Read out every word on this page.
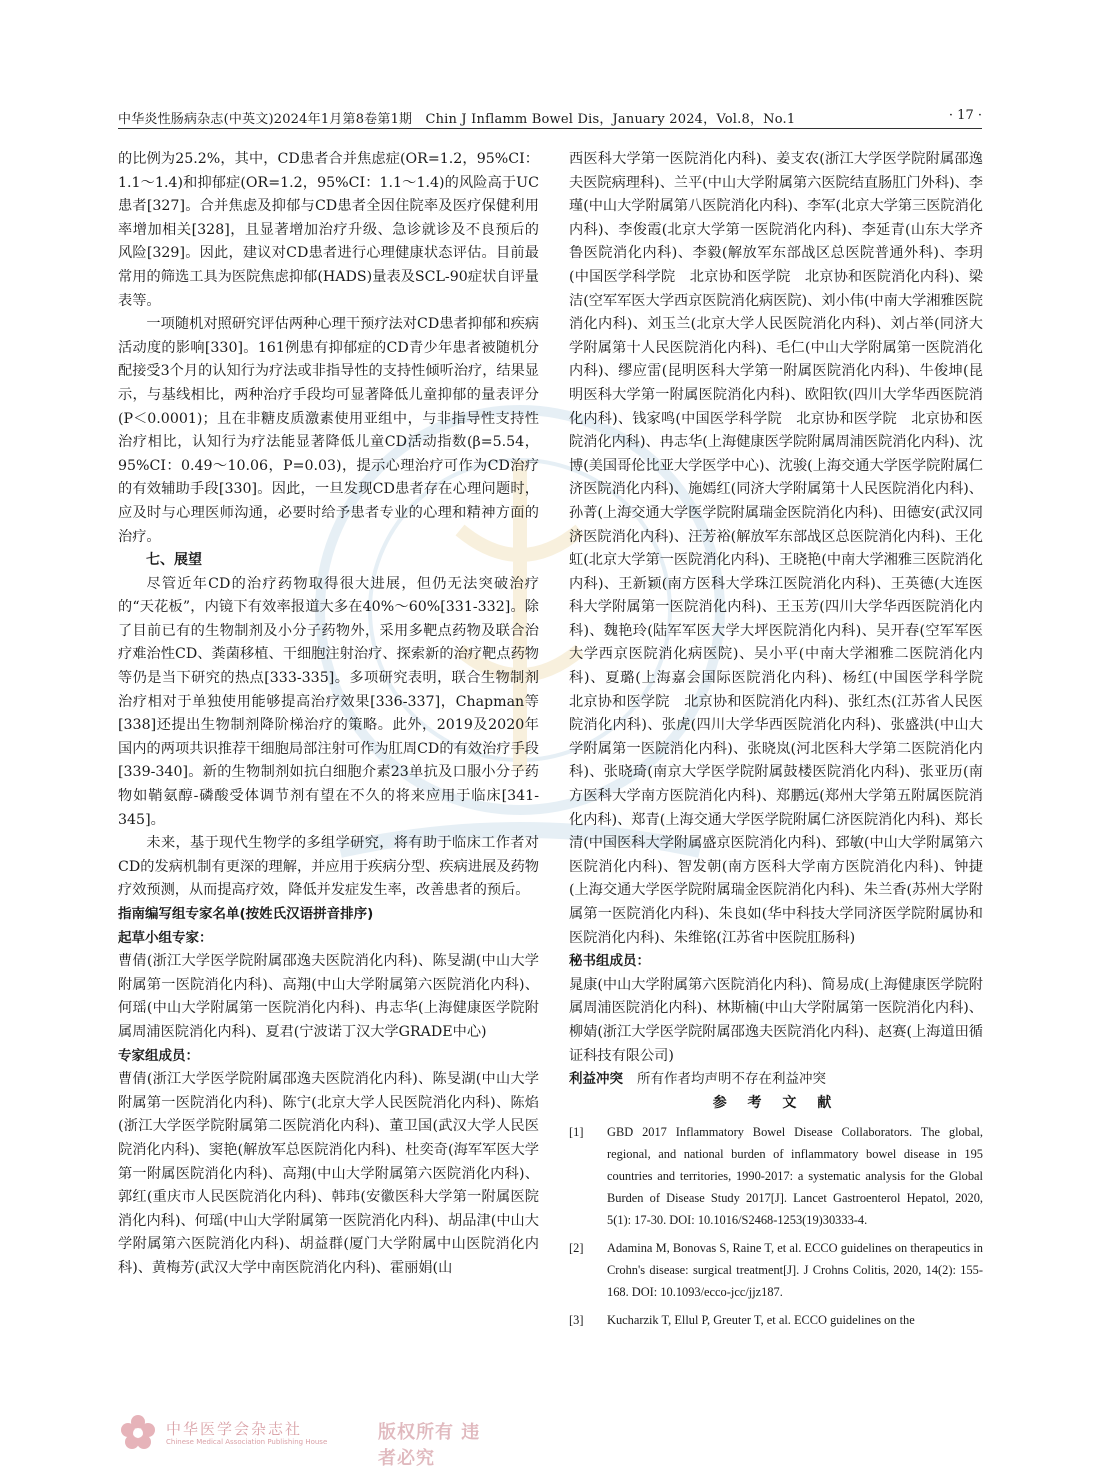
中华炎性肠病杂志(中英文)2024年1月第8卷第1期　Chin J Inflamm Bowel Dis，January 2024，Vol.8，No.1	· 17 ·

的比例为25.2%，其中，CD患者合并焦虑症(OR=1.2，95%CI：1.1～1.4)和抑郁症(OR=1.2，95%CI：1.1～1.4)的风险高于UC患者[327]。合并焦虑及抑郁与CD患者全因住院率及医疗保健利用率增加相关[328]，且显著增加治疗升级、急诊就诊及不良预后的风险[329]。因此，建议对CD患者进行心理健康状态评估。目前最常用的筛选工具为医院焦虑抑郁(HADS)量表及SCL-90症状自评量表等。

一项随机对照研究评估两种心理干预疗法对CD患者抑郁和疾病活动度的影响[330]。161例患有抑郁症的CD青少年患者被随机分配接受3个月的认知行为疗法或非指导性的支持性倾听治疗，结果显示，与基线相比，两种治疗手段均可显著降低儿童抑郁的量表评分(P＜0.0001)；且在非糖皮质激素使用亚组中，与非指导性支持性治疗相比，认知行为疗法能显著降低儿童CD活动指数(β=5.54，95%CI：0.49～10.06，P=0.03)，提示心理治疗可作为CD治疗的有效辅助手段[330]。因此，一旦发现CD患者存在心理问题时，应及时与心理医师沟通，必要时给予患者专业的心理和精神方面的治疗。

七、展望

尽管近年CD的治疗药物取得很大进展，但仍无法突破治疗的“天花板”，内镜下有效率报道大多在40%～60%[331-332]。除了目前已有的生物制剂及小分子药物外，采用多靶点药物及联合治疗难治性CD、粪菌移植、干细胞注射治疗、探索新的治疗靶点药物等仍是当下研究的热点[333-335]。多项研究表明，联合生物制剂治疗相对于单独使用能够提高治疗效果[336-337]，Chapman等[338]还提出生物制剂降阶梯治疗的策略。此外，2019及2020年国内的两项共识推荐干细胞局部注射可作为肛周CD的有效治疗手段[339-340]。新的生物制剂如抗白细胞介素23单抗及口服小分子药物如鞘氨醇-磷酸受体调节剂有望在不久的将来应用于临床[341-345]。

未来，基于现代生物学的多组学研究，将有助于临床工作者对CD的发病机制有更深的理解，并应用于疾病分型、疾病进展及药物疗效预测，从而提高疗效，降低并发症发生率，改善患者的预后。

指南编写组专家名单(按姓氏汉语拼音排序)

起草小组专家：

曹倩(浙江大学医学院附属邵逸夫医院消化内科)、陈旻湖(中山大学附属第一医院消化内科)、高翔(中山大学附属第六医院消化内科)、何瑶(中山大学附属第一医院消化内科)、冉志华(上海健康医学院附属周浦医院消化内科)、夏君(宁波诺丁汉大学GRADE中心)

专家组成员：

曹倩(浙江大学医学院附属邵逸夫医院消化内科)、陈旻湖(中山大学附属第一医院消化内科)、陈宁(北京大学人民医院消化内科)、陈焰(浙江大学医学院附属第二医院消化内科)、董卫国(武汉大学人民医院消化内科)、窦艳(解放军总医院消化内科)、杜奕奇(海军军医大学第一附属医院消化内科)、高翔(中山大学附属第六医院消化内科)、郭红(重庆市人民医院消化内科)、韩玮(安徽医科大学第一附属医院消化内科)、何瑶(中山大学附属第一医院消化内科)、胡品津(中山大学附属第六医院消化内科)、胡益群(厦门大学附属中山医院消化内科)、黄梅芳(武汉大学中南医院消化内科)、霍丽娟(山

西医科大学第一医院消化内科)、姜支农(浙江大学医学院附属邵逸夫医院病理科)、兰平(中山大学附属第六医院结直肠肛门外科)、李瑾(中山大学附属第八医院消化内科)、李军(北京大学第三医院消化内科)、李俊霞(北京大学第一医院消化内科)、李延青(山东大学齐鲁医院消化内科)、李毅(解放军东部战区总医院普通外科)、李玥(中国医学科学院　北京协和医学院　北京协和医院消化内科)、梁洁(空军军医大学西京医院消化病医院)、刘小伟(中南大学湘雅医院消化内科)、刘玉兰(北京大学人民医院消化内科)、刘占举(同济大学附属第十人民医院消化内科)、毛仁(中山大学附属第一医院消化内科)、缪应雷(昆明医科大学第一附属医院消化内科)、牛俊坤(昆明医科大学第一附属医院消化内科)、欧阳钦(四川大学华西医院消化内科)、钱家鸣(中国医学科学院　北京协和医学院　北京协和医院消化内科)、冉志华(上海健康医学院附属周浦医院消化内科)、沈博(美国哥伦比亚大学医学中心)、沈骏(上海交通大学医学院附属仁济医院消化内科)、施嫣红(同济大学附属第十人民医院消化内科)、孙菁(上海交通大学医学院附属瑞金医院消化内科)、田德安(武汉同济医院消化内科)、汪芳裕(解放军东部战区总医院消化内科)、王化虹(北京大学第一医院消化内科)、王晓艳(中南大学湘雅三医院消化内科)、王新颖(南方医科大学珠江医院消化内科)、王英德(大连医科大学附属第一医院消化内科)、王玉芳(四川大学华西医院消化内科)、魏艳玲(陆军军医大学大坪医院消化内科)、吴开春(空军军医大学西京医院消化病医院)、吴小平(中南大学湘雅二医院消化内科)、夏璐(上海嘉会国际医院消化内科)、杨红(中国医学科学院　北京协和医学院　北京协和医院消化内科)、张红杰(江苏省人民医院消化内科)、张虎(四川大学华西医院消化内科)、张盛洪(中山大学附属第一医院消化内科)、张晓岚(河北医科大学第二医院消化内科)、张晓琦(南京大学医学院附属鼓楼医院消化内科)、张亚历(南方医科大学南方医院消化内科)、郑鹏远(郑州大学第五附属医院消化内科)、郑青(上海交通大学医学院附属仁济医院消化内科)、郑长清(中国医科大学附属盛京医院消化内科)、郅敏(中山大学附属第六医院消化内科)、智发朝(南方医科大学南方医院消化内科)、钟捷(上海交通大学医学院附属瑞金医院消化内科)、朱兰香(苏州大学附属第一医院消化内科)、朱良如(华中科技大学同济医学院附属协和医院消化内科)、朱维铭(江苏省中医院肛肠科)

秘书组成员：

晁康(中山大学附属第六医院消化内科)、简易成(上海健康医学院附属周浦医院消化内科)、林斯楠(中山大学附属第一医院消化内科)、柳婧(浙江大学医学院附属邵逸夫医院消化内科)、赵赛(上海道田循证科技有限公司)

利益冲突 所有作者均声明不存在利益冲突

参 考 文 献

[1]	GBD 2017 Inflammatory Bowel Disease Collaborators. The global, regional, and national burden of inflammatory bowel disease in 195 countries and territories, 1990-2017: a systematic analysis for the Global Burden of Disease Study 2017[J]. Lancet Gastroenterol Hepatol, 2020, 5(1): 17-30. DOI: 10.1016/S2468-1253(19)30333-4.
[2]	Adamina M, Bonovas S, Raine T, et al. ECCO guidelines on therapeutics in Crohn's disease: surgical treatment[J]. J Crohns Colitis, 2020, 14(2): 155-168. DOI: 10.1093/ecco-jcc/jjz187.
[3]	Kucharzik T, Ellul P, Greuter T, et al. ECCO guidelines on the
中华医学会杂志社
Chinese Medical Association Publishing House	版权所有 违者必究
